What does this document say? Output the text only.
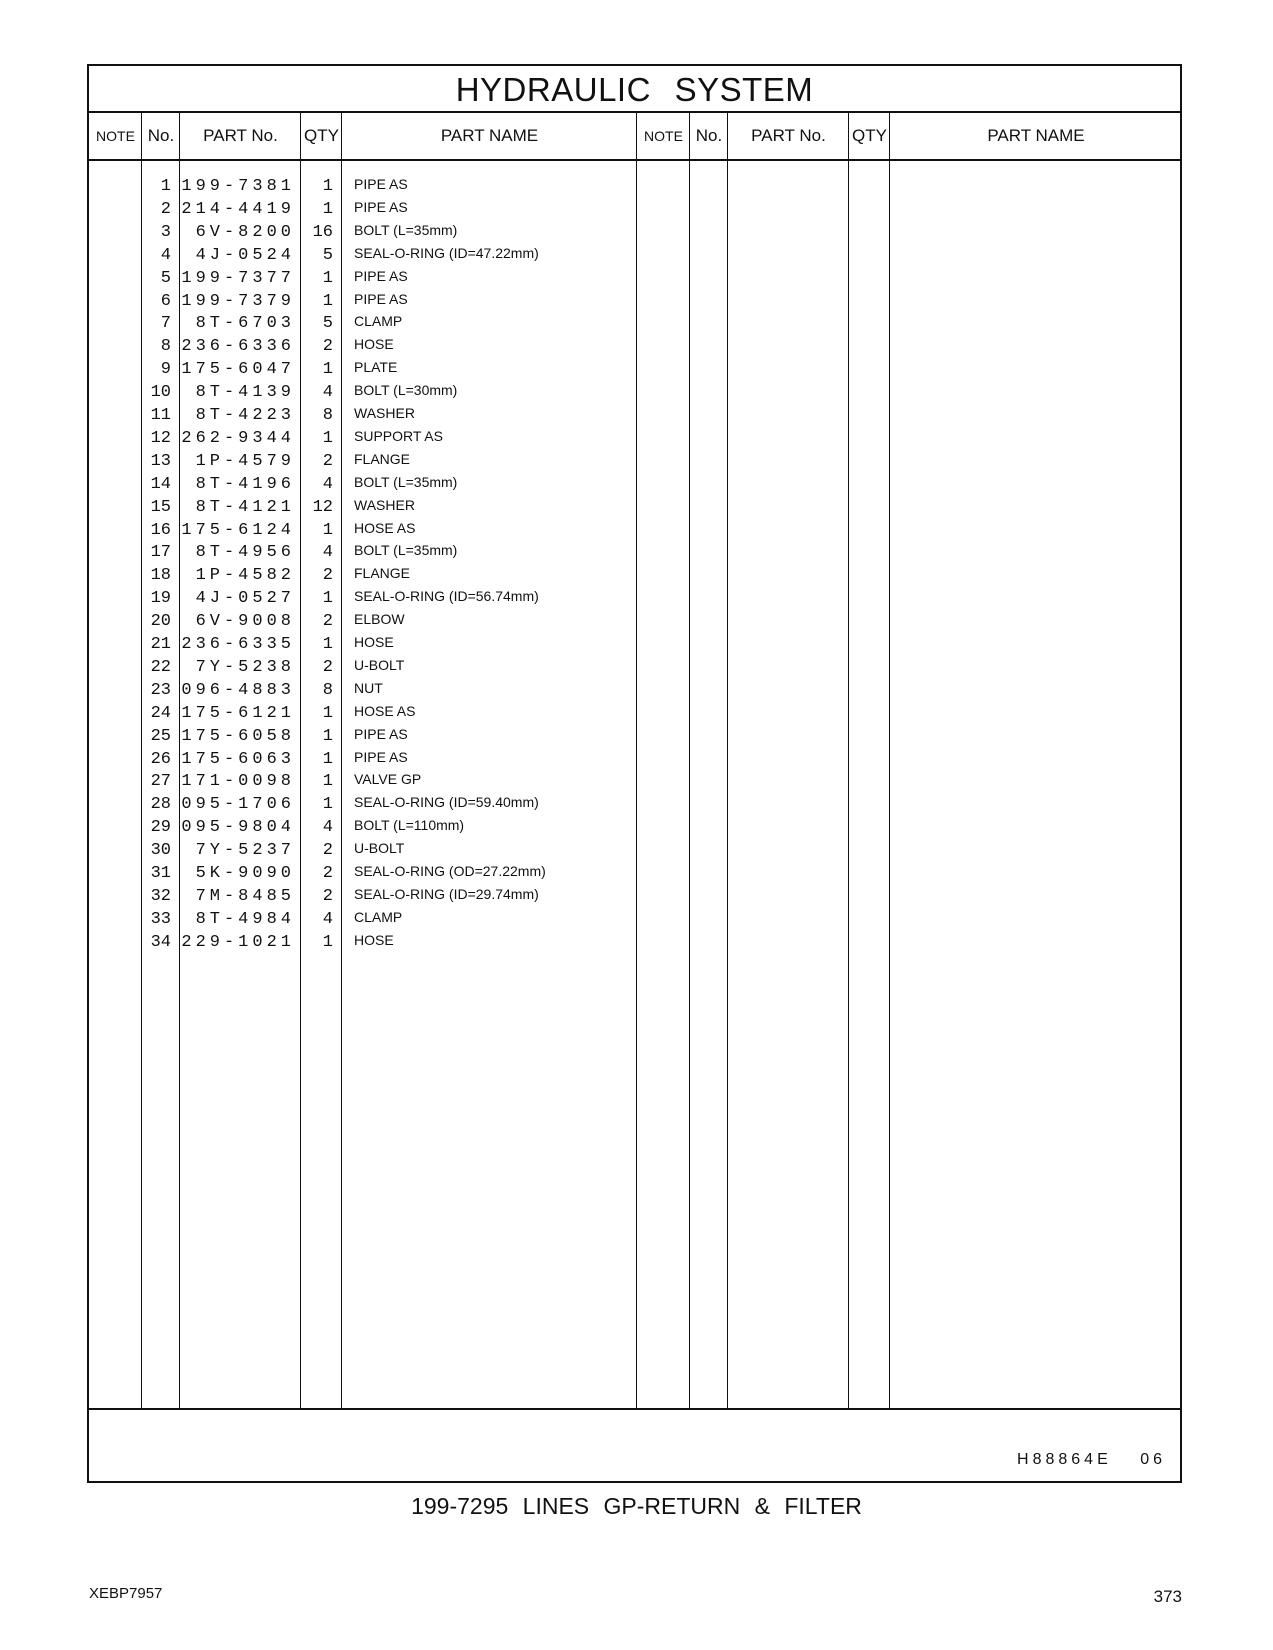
HYDRAULIC SYSTEM
NOTE No.	PART No.	QTY	PART NAME	NOTE No.	PART No.	QTY	PART NAME
1 199-7381	1 PIPE AS
2 214-4419	1 PIPE AS
3	6V-8200	16 BOLT (L=35mm)
4	4J-0524	5 SEAL-O-RING (ID=47.22mm)
5 199-7377	1 PIPE AS
6 199-7379	1 PIPE AS
7	8T-6703	5 CLAMP
8 236-6336	2 HOSE
9 175-6047	1 PLATE
10	8T-4139	4 BOLT (L=30mm)
11	8T-4223	8 WASHER
12 262-9344	1 SUPPORT AS
13	1P-4579	2 FLANGE
14	8T-4196	4 BOLT (L=35mm)
15	8T-4121	12 WASHER
16 175-6124	1 HOSE AS
17	8T-4956	4 BOLT (L=35mm)
18	1P-4582	2 FLANGE
19	4J-0527	1 SEAL-O-RING (ID=56.74mm)
20	6V-9008	2 ELBOW
21 236-6335	1 HOSE
22	7Y-5238	2 U-BOLT
23 096-4883	8 NUT
24 175-6121	1 HOSE AS
25 175-6058	1 PIPE AS
26 175-6063	1 PIPE AS
27 171-0098	1 VALVE GP
28 095-1706	1 SEAL-O-RING (ID=59.40mm)
29 095-9804	4 BOLT (L=110mm)
30	7Y-5237	2 U-BOLT
31	5K-9090	2 SEAL-O-RING (OD=27.22mm)
32	7M-8485	2 SEAL-O-RING (ID=29.74mm)
33	8T-4984	4 CLAMP
34 229-1021	1 HOSE
H88864E 06
199-7295 LINES GP-RETURN & FILTER
XEBP7957	373
